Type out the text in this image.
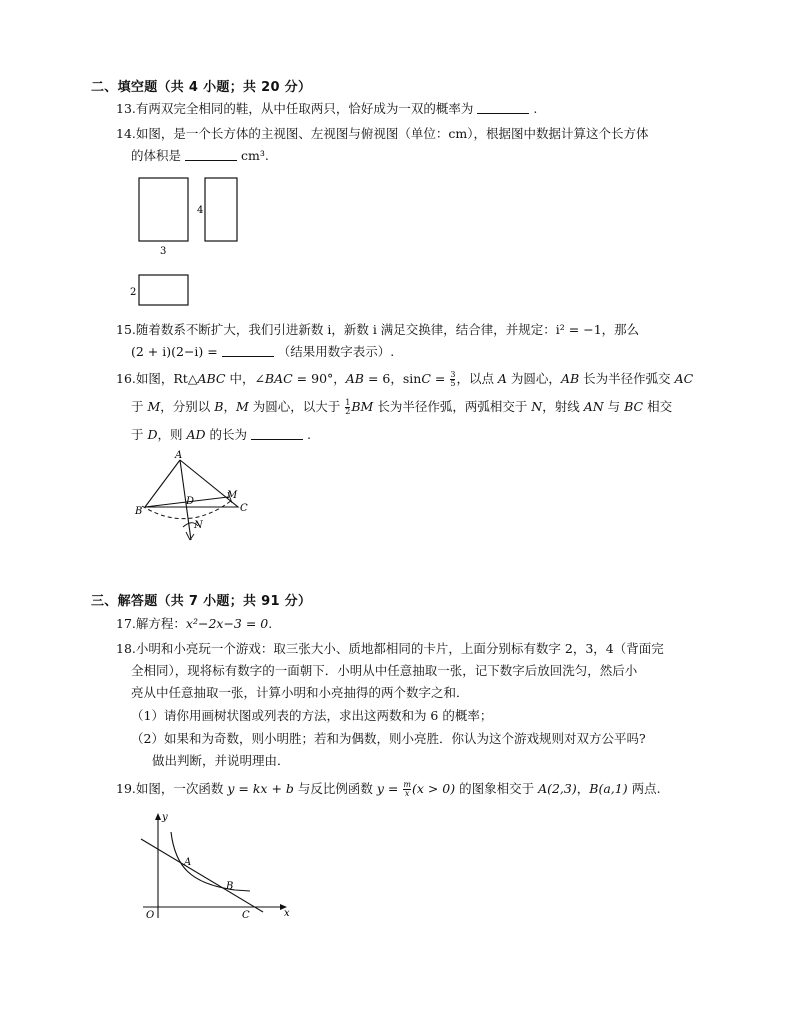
二、填空题（共 4 小题；共 20 分）
13.有两双完全相同的鞋，从中任取两只，恰好成为一双的概率为	.
14.如图，是一个长方体的主视图、左视图与俯视图（单位：cm），根据图中数据计算这个长方体
的体积是	cm³.
4
3
2
15.随着数系不断扩大，我们引进新数 i，新数 i 满足交换律，结合律，并规定：i² = −1，那么
(2 + i)(2−i) =	（结果用数字表示）.
16.如图，Rt△ABC 中，∠BAC = 90°，AB = 6，$\sin C = \frac{3}{5}$ ，以点 A 为圆心，AB 长为半径作弧交 AC
于 M，分别以 B，M 为圆心，以大于 $\frac{1}{2}$ BM 长为半径作弧，两弧相交于 N，射线 AN 与 BC 相交
于 D，则 AD 的长为	.
A
B	C
D
M
N
三、解答题（共 7 小题；共 91 分）
17.解方程：x²−2x−3 = 0.
18.小明和小亮玩一个游戏：取三张大小、质地都相同的卡片，上面分别标有数字 2，3，4（背面完
全相同），现将标有数字的一面朝下．小明从中任意抽取一张，记下数字后放回洗匀，然后小
亮从中任意抽取一张，计算小明和小亮抽得的两个数字之和．
（1）请你用画树状图或列表的方法，求出这两数和为 6 的概率；
（2）如果和为奇数，则小明胜；若和为偶数，则小亮胜．你认为这个游戏规则对双方公平吗?
做出判断，并说明理由．
19.如图，一次函数 y = kx + b 与反比例函数 $y = \frac{m}{x} (x > 0)$ 的图象相交于 A(2,3)，B(a,1) 两点.
y
x
O
A
B
C
